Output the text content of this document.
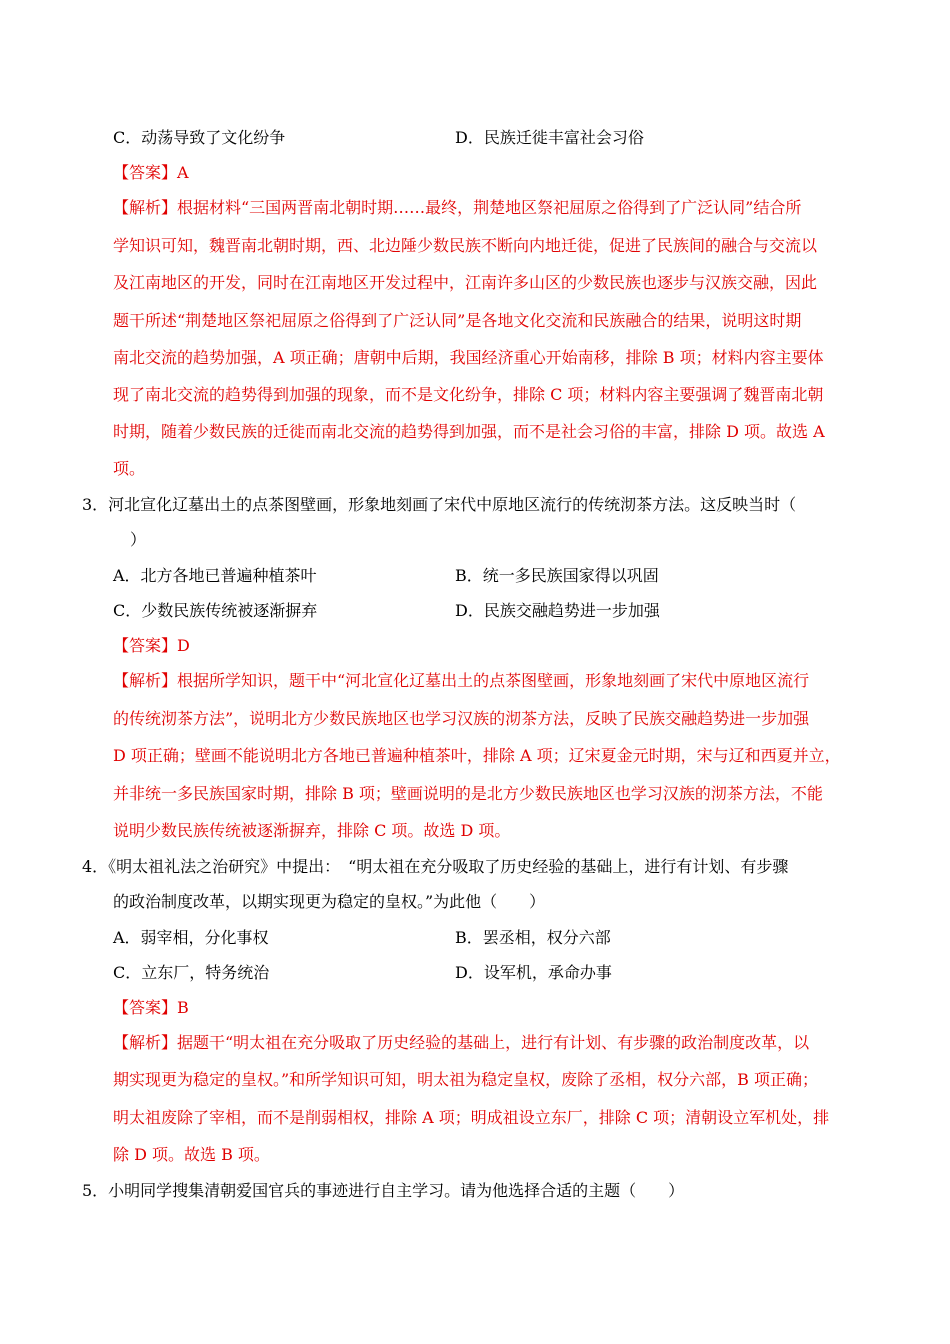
C．动荡导致了文化纷争	D．民族迁徙丰富社会习俗
【答案】A
【解析】根据材料“三国两晋南北朝时期……最终，荆楚地区祭祀屈原之俗得到了广泛认同”结合所
学知识可知，魏晋南北朝时期，西、北边陲少数民族不断向内地迁徙，促进了民族间的融合与交流以
及江南地区的开发，同时在江南地区开发过程中，江南许多山区的少数民族也逐步与汉族交融，因此
题干所述“荆楚地区祭祀屈原之俗得到了广泛认同”是各地文化交流和民族融合的结果，说明这时期
南北交流的趋势加强，A 项正确；唐朝中后期，我国经济重心开始南移，排除 B 项；材料内容主要体
现了南北交流的趋势得到加强的现象，而不是文化纷争，排除 C 项；材料内容主要强调了魏晋南北朝
时期，随着少数民族的迁徙而南北交流的趋势得到加强，而不是社会习俗的丰富，排除 D 项。故选 A
项。
3．河北宣化辽墓出土的点茶图壁画，形象地刻画了宋代中原地区流行的传统沏茶方法。这反映当时（
）
A．北方各地已普遍种植茶叶	B．统一多民族国家得以巩固
C．少数民族传统被逐渐摒弃	D．民族交融趋势进一步加强
【答案】D
【解析】根据所学知识，题干中“河北宣化辽墓出土的点茶图壁画，形象地刻画了宋代中原地区流行
的传统沏茶方法”，说明北方少数民族地区也学习汉族的沏茶方法，反映了民族交融趋势进一步加强
D 项正确；壁画不能说明北方各地已普遍种植茶叶，排除 A 项；辽宋夏金元时期，宋与辽和西夏并立，
并非统一多民族国家时期，排除 B 项；壁画说明的是北方少数民族地区也学习汉族的沏茶方法，不能
说明少数民族传统被逐渐摒弃，排除 C 项。故选 D 项。
4．《明太祖礼法之治研究》中提出：　“明太祖在充分吸取了历史经验的基础上，进行有计划、有步骤
的政治制度改革，以期实现更为稳定的皇权。”为此他（　　）
A．弱宰相，分化事权	B．罢丞相，权分六部
C．立东厂，特务统治	D．设军机，承命办事
【答案】B
【解析】据题干“明太祖在充分吸取了历史经验的基础上，进行有计划、有步骤的政治制度改革，以
期实现更为稳定的皇权。”和所学知识可知，明太祖为稳定皇权，废除了丞相，权分六部，B 项正确；
明太祖废除了宰相，而不是削弱相权，排除 A 项；明成祖设立东厂，排除 C 项；清朝设立军机处，排
除 D 项。故选 B 项。
5．小明同学搜集清朝爱国官兵的事迹进行自主学习。请为他选择合适的主题（　　）
